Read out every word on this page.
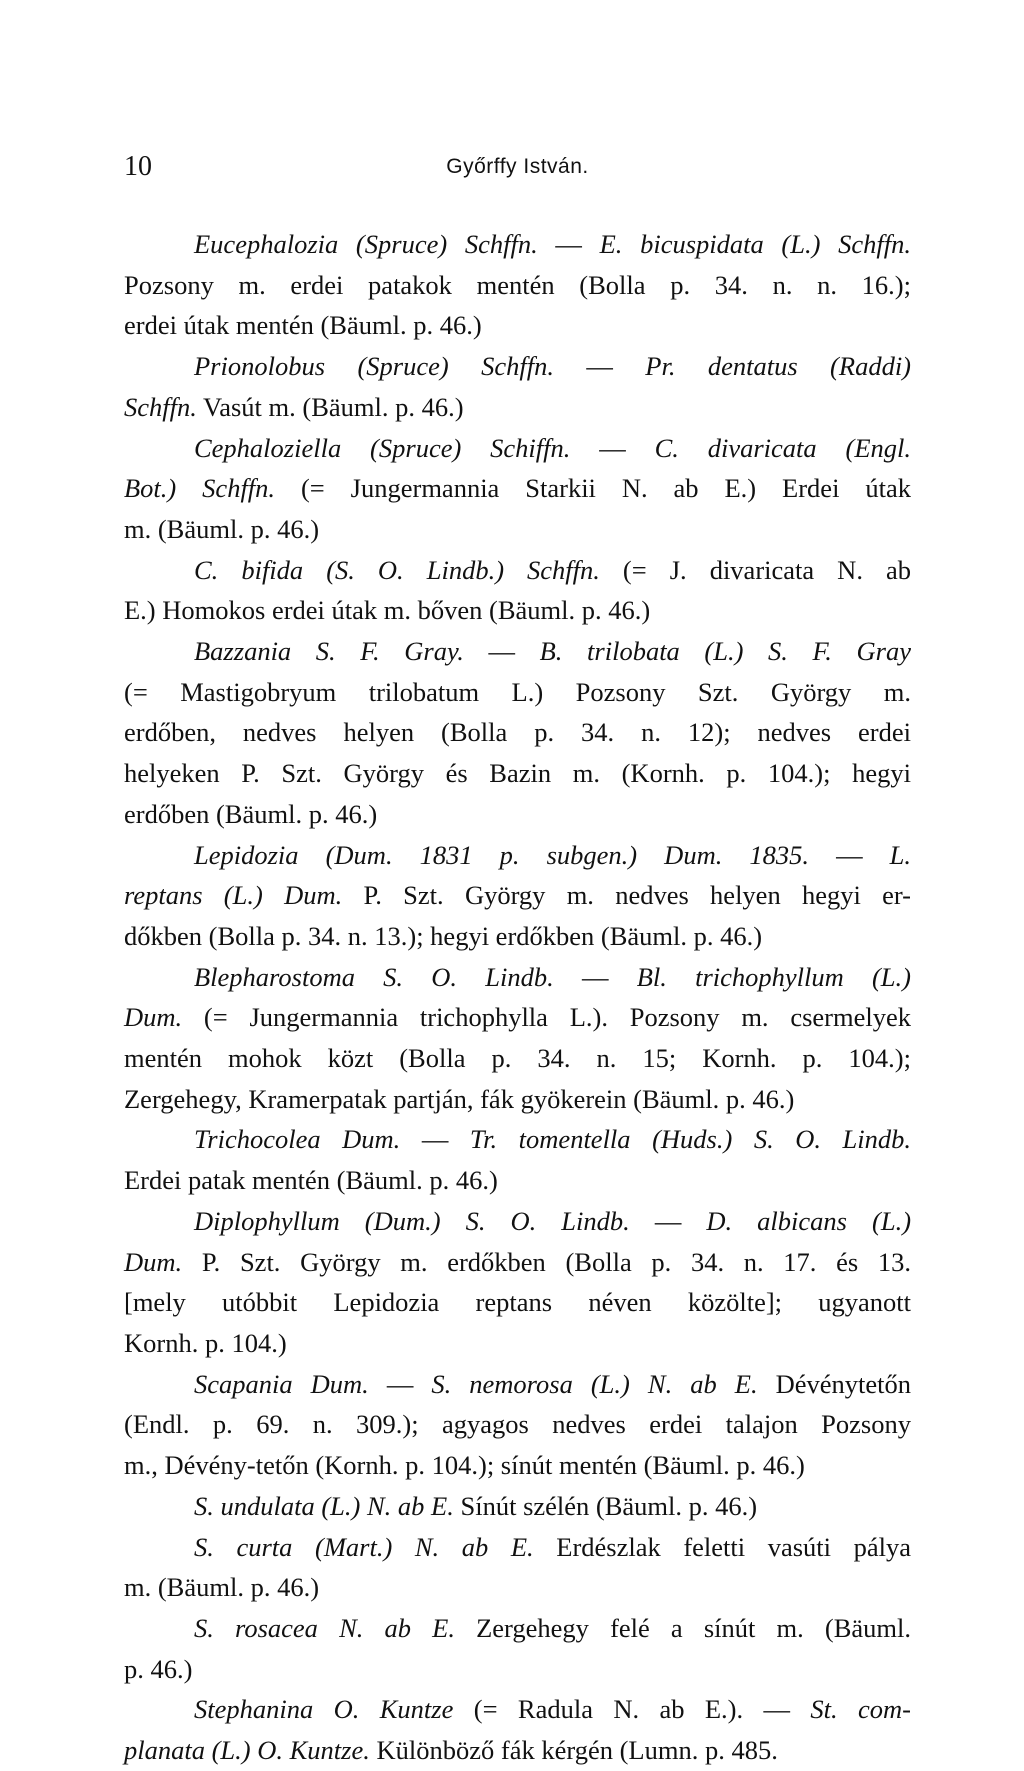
10	Győrffy István.

Eucephalozia (Spruce) Schffn. — E. bicuspidata (L.) Schffn.
Pozsony m. erdei patakok mentén (Bolla p. 34. n. n. 16.);
erdei útak mentén (Bäuml. p. 46.)

Prionolobus (Spruce) Schffn. — Pr. dentatus (Raddi)
Schffn. Vasút m. (Bäuml. p. 46.)

Cephaloziella (Spruce) Schiffn. — C. divaricata (Engl.
Bot.) Schffn. (= Jungermannia Starkii N. ab E.) Erdei útak
m. (Bäuml. p. 46.)

C. bifida (S. O. Lindb.) Schffn. (= J. divaricata N. ab
E.) Homokos erdei útak m. bőven (Bäuml. p. 46.)

Bazzania S. F. Gray. — B. trilobata (L.) S. F. Gray
(= Mastigobryum trilobatum L.) Pozsony Szt. György m.
erdőben, nedves helyen (Bolla p. 34. n. 12); nedves erdei
helyeken P. Szt. György és Bazin m. (Kornh. p. 104.); hegyi
erdőben (Bäuml. p. 46.)

Lepidozia (Dum. 1831 p. subgen.) Dum. 1835. — L.
reptans (L.) Dum. P. Szt. György m. nedves helyen hegyi er-
dőkben (Bolla p. 34. n. 13.); hegyi erdőkben (Bäuml. p. 46.)

Blepharostoma S. O. Lindb. — Bl. trichophyllum (L.)
Dum. (= Jungermannia trichophylla L.). Pozsony m. csermelyek
mentén mohok közt (Bolla p. 34. n. 15; Kornh. p. 104.);
Zergehegy, Kramerpatak partján, fák gyökerein (Bäuml. p. 46.)

Trichocolea Dum. — Tr. tomentella (Huds.) S. O. Lindb.
Erdei patak mentén (Bäuml. p. 46.)

Diplophyllum (Dum.) S. O. Lindb. — D. albicans (L.)
Dum. P. Szt. György m. erdőkben (Bolla p. 34. n. 17. és 13.
[mely utóbbit Lepidozia reptans néven közölte]; ugyanott
Kornh. p. 104.)

Scapania Dum. — S. nemorosa (L.) N. ab E. Dévénytetőn
(Endl. p. 69. n. 309.); agyagos nedves erdei talajon Pozsony
m., Dévény-tetőn (Kornh. p. 104.); sínút mentén (Bäuml. p. 46.)

S. undulata (L.) N. ab E. Sínút szélén (Bäuml. p. 46.)

S. curta (Mart.) N. ab E. Erdészlak feletti vasúti pálya
m. (Bäuml. p. 46.)

S. rosacea N. ab E. Zergehegy felé a sínút m. (Bäuml.
p. 46.)

Stephanina O. Kuntze (= Radula N. ab E.). — St. com-
planata (L.) O. Kuntze. Különböző fák kérgén (Lumn. p. 485.
